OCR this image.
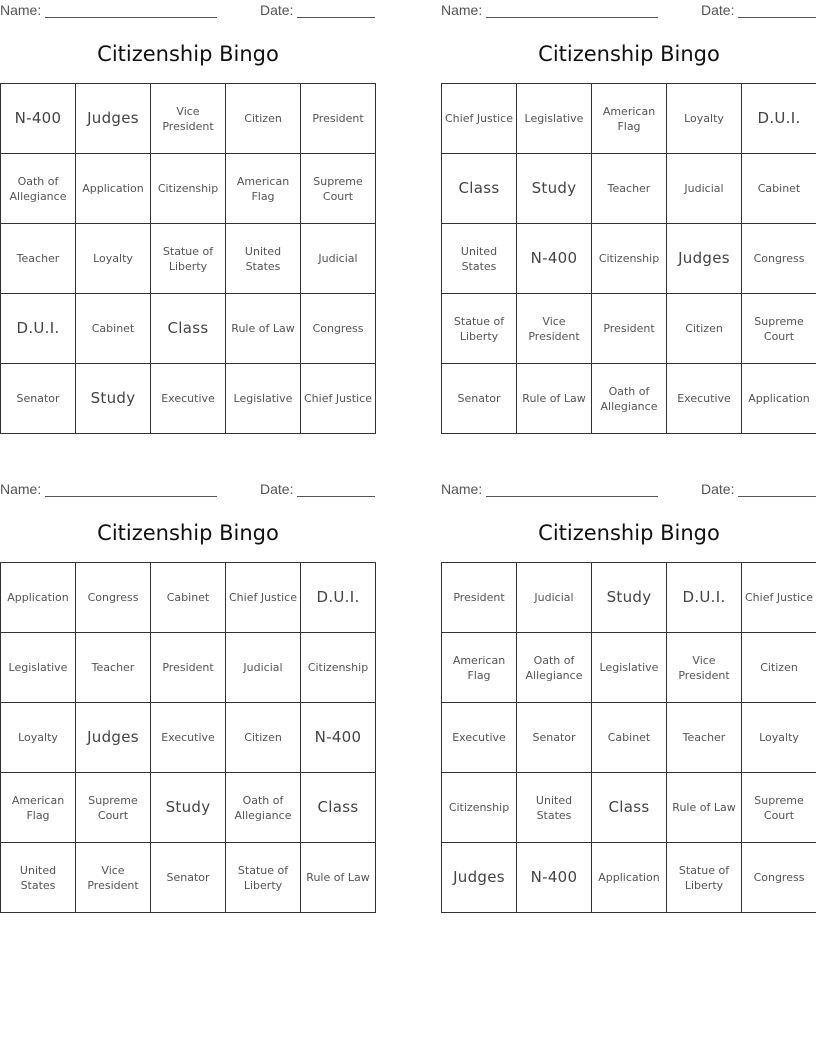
Name:	Date:
Citizenship Bingo
N-400	Judges	Vice President	Citizen	President
Oath of Allegiance	Application	Citizenship	American Flag	Supreme Court
Teacher	Loyalty	Statue of Liberty	United States	Judicial
D.U.I.	Cabinet	Class	Rule of Law	Congress
Senator	Study	Executive	Legislative	Chief Justice
Name:	Date:
Citizenship Bingo
Chief Justice	Legislative	American Flag	Loyalty	D.U.I.
Class	Study	Teacher	Judicial	Cabinet
United States	N-400	Citizenship	Judges	Congress
Statue of Liberty	Vice President	President	Citizen	Supreme Court
Senator	Rule of Law	Oath of Allegiance	Executive	Application
Name:	Date:
Citizenship Bingo
Application	Congress	Cabinet	Chief Justice	D.U.I.
Legislative	Teacher	President	Judicial	Citizenship
Loyalty	Judges	Executive	Citizen	N-400
American Flag	Supreme Court	Study	Oath of Allegiance	Class
United States	Vice President	Senator	Statue of Liberty	Rule of Law
Name:	Date:
Citizenship Bingo
President	Judicial	Study	D.U.I.	Chief Justice
American Flag	Oath of Allegiance	Legislative	Vice President	Citizen
Executive	Senator	Cabinet	Teacher	Loyalty
Citizenship	United States	Class	Rule of Law	Supreme Court
Judges	N-400	Application	Statue of Liberty	Congress
